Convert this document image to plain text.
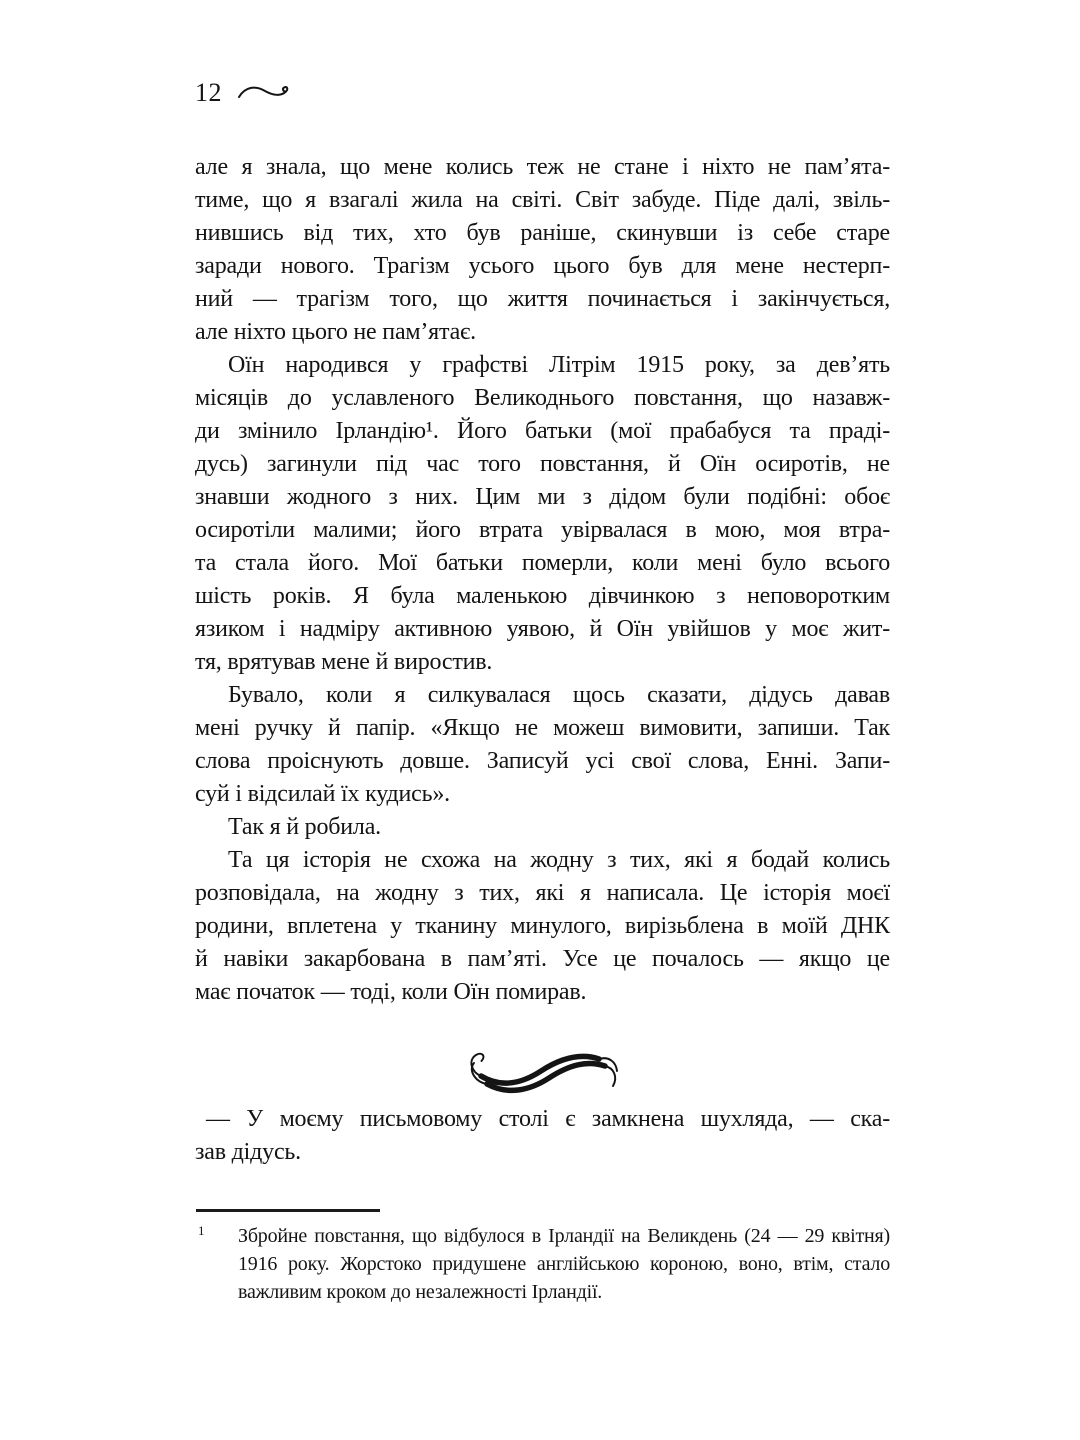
12
але я знала, що мене колись теж не стане і ніхто не пам’ята-
тиме, що я взагалі жила на світі. Світ забуде. Піде далі, звіль-
нившись від тих, хто був раніше, скинувши із себе старе
заради нового. Трагізм усього цього був для мене нестерп-
ний — трагізм того, що життя починається і закінчується,
але ніхто цього не пам’ятає.
Оїн народився у графстві Літрім 1915 року, за дев’ять
місяців до уславленого Великоднього повстання, що назавж-
ди змінило Ірландію¹. Його батьки (мої прабабуся та праді-
дусь) загинули під час того повстання, й Оїн осиротів, не
знавши жодного з них. Цим ми з дідом були подібні: обоє
осиротіли малими; його втрата увірвалася в мою, моя втра-
та стала його. Мої батьки померли, коли мені було всього
шість років. Я була маленькою дівчинкою з неповоротким
язиком і надміру активною уявою, й Оїн увійшов у моє жит-
тя, врятував мене й виростив.
Бувало, коли я силкувалася щось сказати, дідусь давав
мені ручку й папір. «Якщо не можеш вимовити, запиши. Так
слова проіснують довше. Записуй усі свої слова, Енні. Запи-
суй і відсилай їх кудись».
Так я й робила.
Та ця історія не схожа на жодну з тих, які я бодай колись
розповідала, на жодну з тих, які я написала. Це історія моєї
родини, вплетена у тканину минулого, вирізьблена в моїй ДНК
й навіки закарбована в пам’яті. Усе це почалось — якщо це
має початок — тоді, коли Оїн помирав.
— У моєму письмовому столі є замкнена шухляда, — ска-
зав дідусь.
1 Збройне повстання, що відбулося в Ірландії на Великдень (24 — 29 квітня)
1916 року. Жорстоко придушене англійською короною, воно, втім, стало
важливим кроком до незалежності Ірландії.
